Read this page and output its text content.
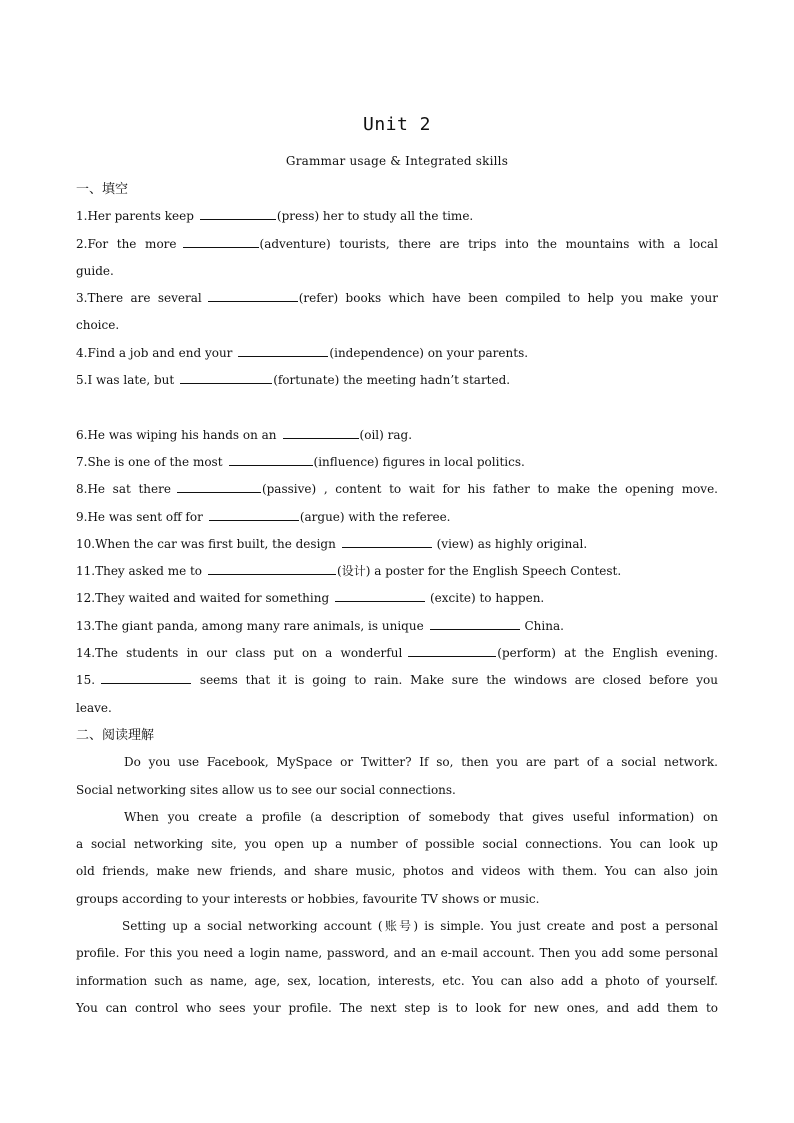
Unit 2
Grammar usage & Integrated skills
一、填空
1.Her parents keep	(press) her to study all the time.
2.For the more	(adventure) tourists, there are trips into the mountains with a local
guide.
3.There are several	(refer) books which have been compiled to help you make your
choice.
4.Find a job and end your	(independence) on your parents.
5.I was late, but	(fortunate) the meeting hadn’t started.
6.He was wiping his hands on an	(oil) rag.
7.She is one of the most	(influence) figures in local politics.
8.He sat there	(passive) , content to wait for his father to make the opening move.
9.He was sent off for	(argue) with the referee.
10.When the car was first built, the design	(view) as highly original.
11.They asked me to	(设计) a poster for the English Speech Contest.
12.They waited and waited for something	(excite) to happen.
13.The giant panda, among many rare animals, is unique	China.
14.The students in our class put on a wonderful	(perform) at the English evening.
15.	seems that it is going to rain. Make sure the windows are closed before you
leave.
二、阅读理解
Do you use Facebook, MySpace or Twitter? If so, then you are part of a social network.
Social networking sites allow us to see our social connections.
When you create a profile (a description of somebody that gives useful information) on
a social networking site, you open up a number of possible social connections. You can look up
old friends, make new friends, and share music, photos and videos with them. You can also join
groups according to your interests or hobbies, favourite TV shows or music.
Setting up a social networking account (账号) is simple. You just create and post a personal
profile. For this you need a login name, password, and an e-mail account. Then you add some personal
information such as name, age, sex, location, interests, etc. You can also add a photo of yourself.
You can control who sees your profile. The next step is to look for new ones, and add them to
